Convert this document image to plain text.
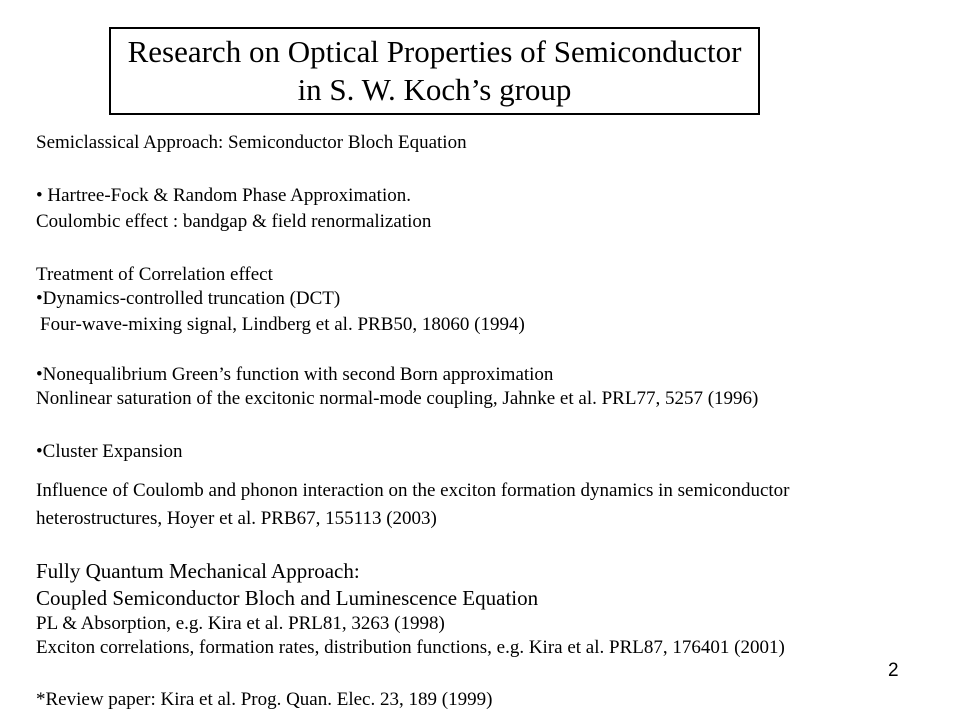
Research on Optical Properties of Semiconductor
in S. W. Koch’s group
Semiclassical Approach: Semiconductor Bloch Equation
• Hartree-Fock & Random Phase Approximation.
Coulombic effect : bandgap & field renormalization
Treatment of Correlation effect
•Dynamics-controlled truncation (DCT)
Four-wave-mixing signal, Lindberg et al. PRB50, 18060 (1994)
•Nonequalibrium Green’s function with second Born approximation
Nonlinear saturation of the excitonic normal-mode coupling, Jahnke et al. PRL77, 5257 (1996)
•Cluster Expansion
Influence of Coulomb and phonon interaction on the exciton formation dynamics in semiconductor
heterostructures, Hoyer et al. PRB67, 155113 (2003)
Fully Quantum Mechanical Approach:
Coupled Semiconductor Bloch and Luminescence Equation
PL & Absorption, e.g. Kira et al. PRL81, 3263 (1998)
Exciton correlations, formation rates, distribution functions, e.g. Kira et al. PRL87, 176401 (2001)
*Review paper: Kira et al. Prog. Quan. Elec. 23, 189 (1999)
2
